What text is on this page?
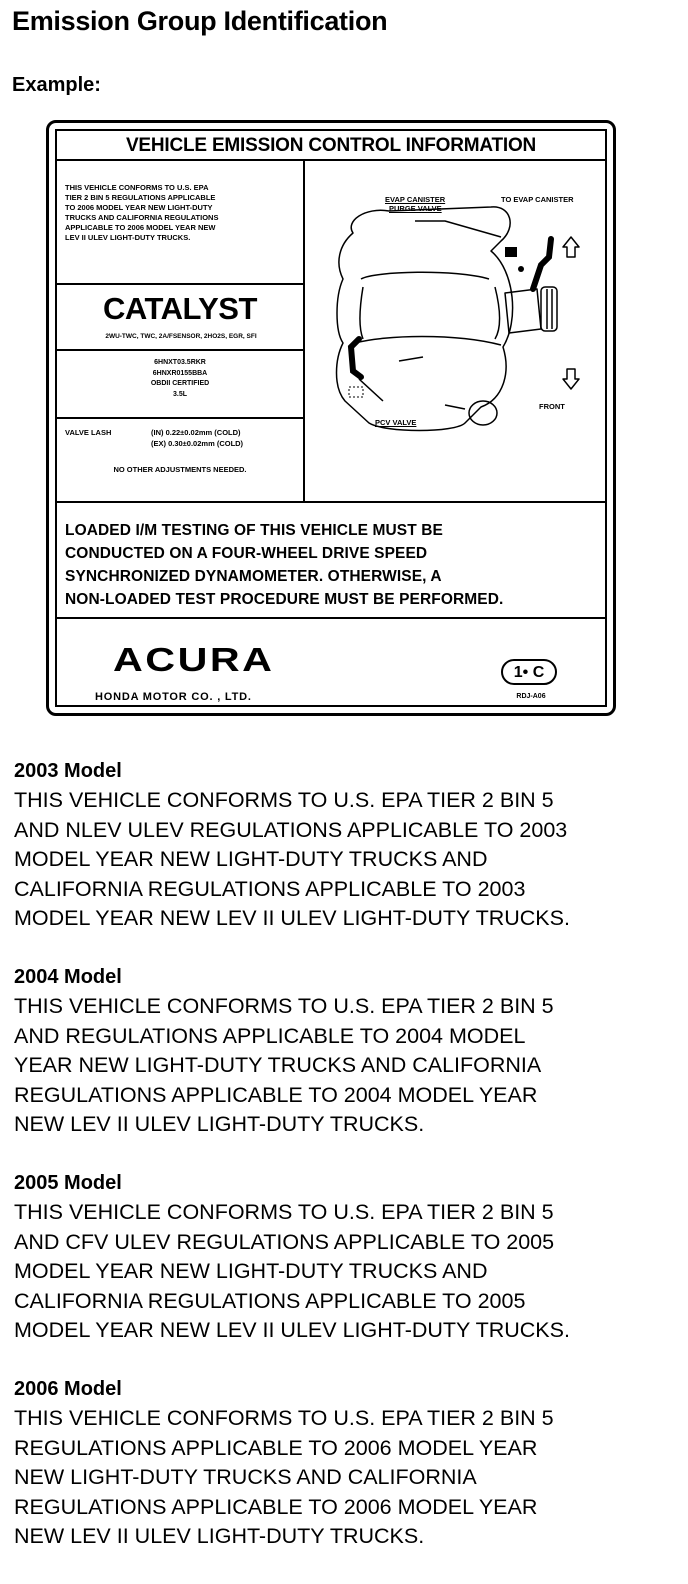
Emission Group Identification
Example:
VEHICLE EMISSION CONTROL INFORMATION
THIS VEHICLE CONFORMS TO U.S. EPA
TIER 2 BIN 5 REGULATIONS APPLICABLE
TO 2006 MODEL YEAR NEW LIGHT-DUTY
TRUCKS AND CALIFORNIA REGULATIONS
APPLICABLE TO 2006 MODEL YEAR NEW
LEV II ULEV LIGHT-DUTY TRUCKS.
CATALYST
2WU-TWC, TWC, 2A/FSENSOR, 2HO2S, EGR, SFI
6HNXT03.5RKR
6HNXR0155BBA
OBDII CERTIFIED
3.5L
VALVE LASH	(IN) 0.22±0.02mm (COLD)
(EX) 0.30±0.02mm (COLD)
NO OTHER ADJUSTMENTS NEEDED.
EVAP CANISTER
PURGE VALVE
TO EVAP CANISTER
FRONT
PCV VALVE
LOADED I/M TESTING OF THIS VEHICLE MUST BE
CONDUCTED ON A FOUR-WHEEL DRIVE SPEED
SYNCHRONIZED DYNAMOMETER. OTHERWISE, A
NON-LOADED TEST PROCEDURE MUST BE PERFORMED.
ACURA
HONDA MOTOR CO. , LTD.
1• C
RDJ-A06
2003 Model
THIS VEHICLE CONFORMS TO U.S. EPA TIER 2 BIN 5
AND NLEV ULEV REGULATIONS APPLICABLE TO 2003
MODEL YEAR NEW LIGHT-DUTY TRUCKS AND
CALIFORNIA REGULATIONS APPLICABLE TO 2003
MODEL YEAR NEW LEV II ULEV LIGHT-DUTY TRUCKS.
2004 Model
THIS VEHICLE CONFORMS TO U.S. EPA TIER 2 BIN 5
AND REGULATIONS APPLICABLE TO 2004 MODEL
YEAR NEW LIGHT-DUTY TRUCKS AND CALIFORNIA
REGULATIONS APPLICABLE TO 2004 MODEL YEAR
NEW LEV II ULEV LIGHT-DUTY TRUCKS.
2005 Model
THIS VEHICLE CONFORMS TO U.S. EPA TIER 2 BIN 5
AND CFV ULEV REGULATIONS APPLICABLE TO 2005
MODEL YEAR NEW LIGHT-DUTY TRUCKS AND
CALIFORNIA REGULATIONS APPLICABLE TO 2005
MODEL YEAR NEW LEV II ULEV LIGHT-DUTY TRUCKS.
2006 Model
THIS VEHICLE CONFORMS TO U.S. EPA TIER 2 BIN 5
REGULATIONS APPLICABLE TO 2006 MODEL YEAR
NEW LIGHT-DUTY TRUCKS AND CALIFORNIA
REGULATIONS APPLICABLE TO 2006 MODEL YEAR
NEW LEV II ULEV LIGHT-DUTY TRUCKS.
